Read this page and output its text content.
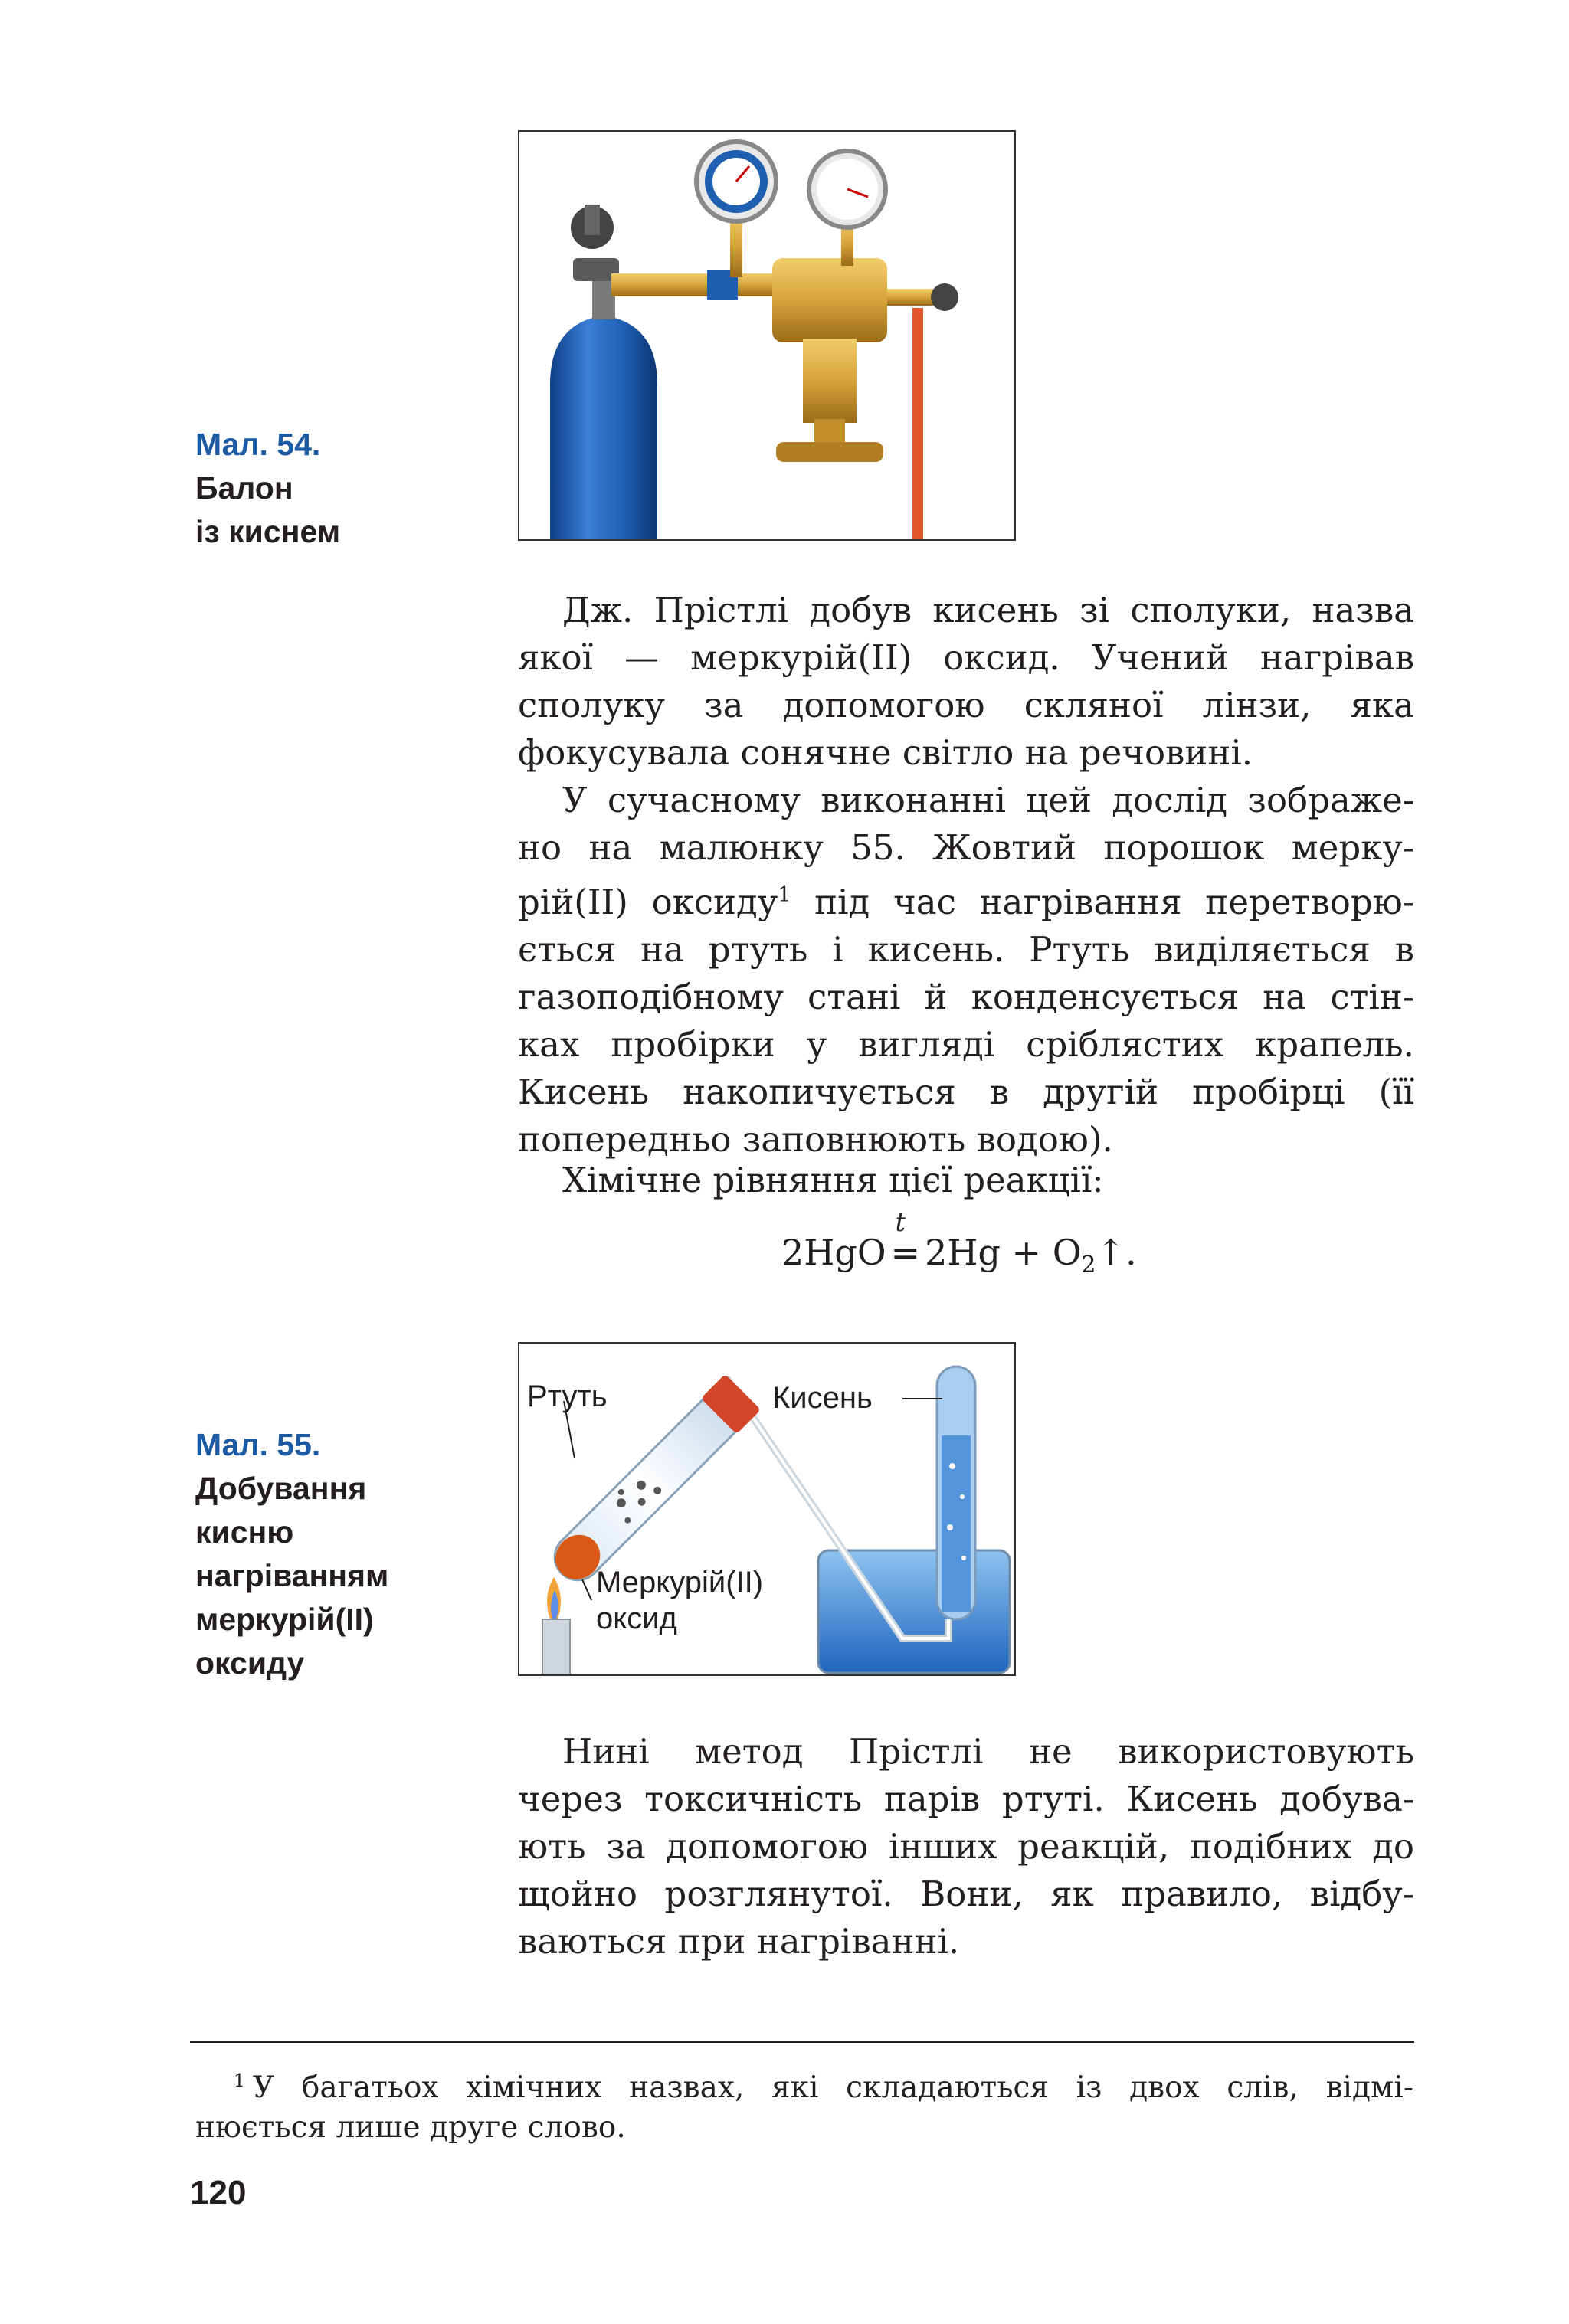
Мал. 54.
Балон
із киснем
Дж. Прістлі добув кисень зі сполуки, назва
якої — меркурій(II) оксид. Учений нагрівав
сполуку за допомогою скляної лінзи, яка
фокусувала сонячне світло на речовині.
У сучасному виконанні цей дослід зображе-
но на малюнку 55. Жовтий порошок мерку-
рій(II) оксиду$^1$ під час нагрівання перетворю-
ється на ртуть і кисень. Ртуть виділяється в
газоподібному стані й конденсується на стін-
ках пробірки у вигляді сріблястих крапель.
Кисень накопичується в другій пробірці (її
попередньо заповнюють водою).
Хімічне рівняння цієї реакції:
2HgO
t
= $2Hg + O_2↑$.
Мал. 55.
Добування
кисню
нагріванням
меркурій(II)
оксиду
Ртуть	Кисень
Меркурій(II)
оксид
Нині метод Прістлі не використовують
через токсичність парів ртуті. Кисень добува-
ють за допомогою інших реакцій, подібних до
щойно розглянутої. Вони, як правило, відбу-
ваються при нагріванні.
$^1$ У багатьох хімічних назвах, які складаються із двох слів, відмі-
нюється лише друге слово.
120
